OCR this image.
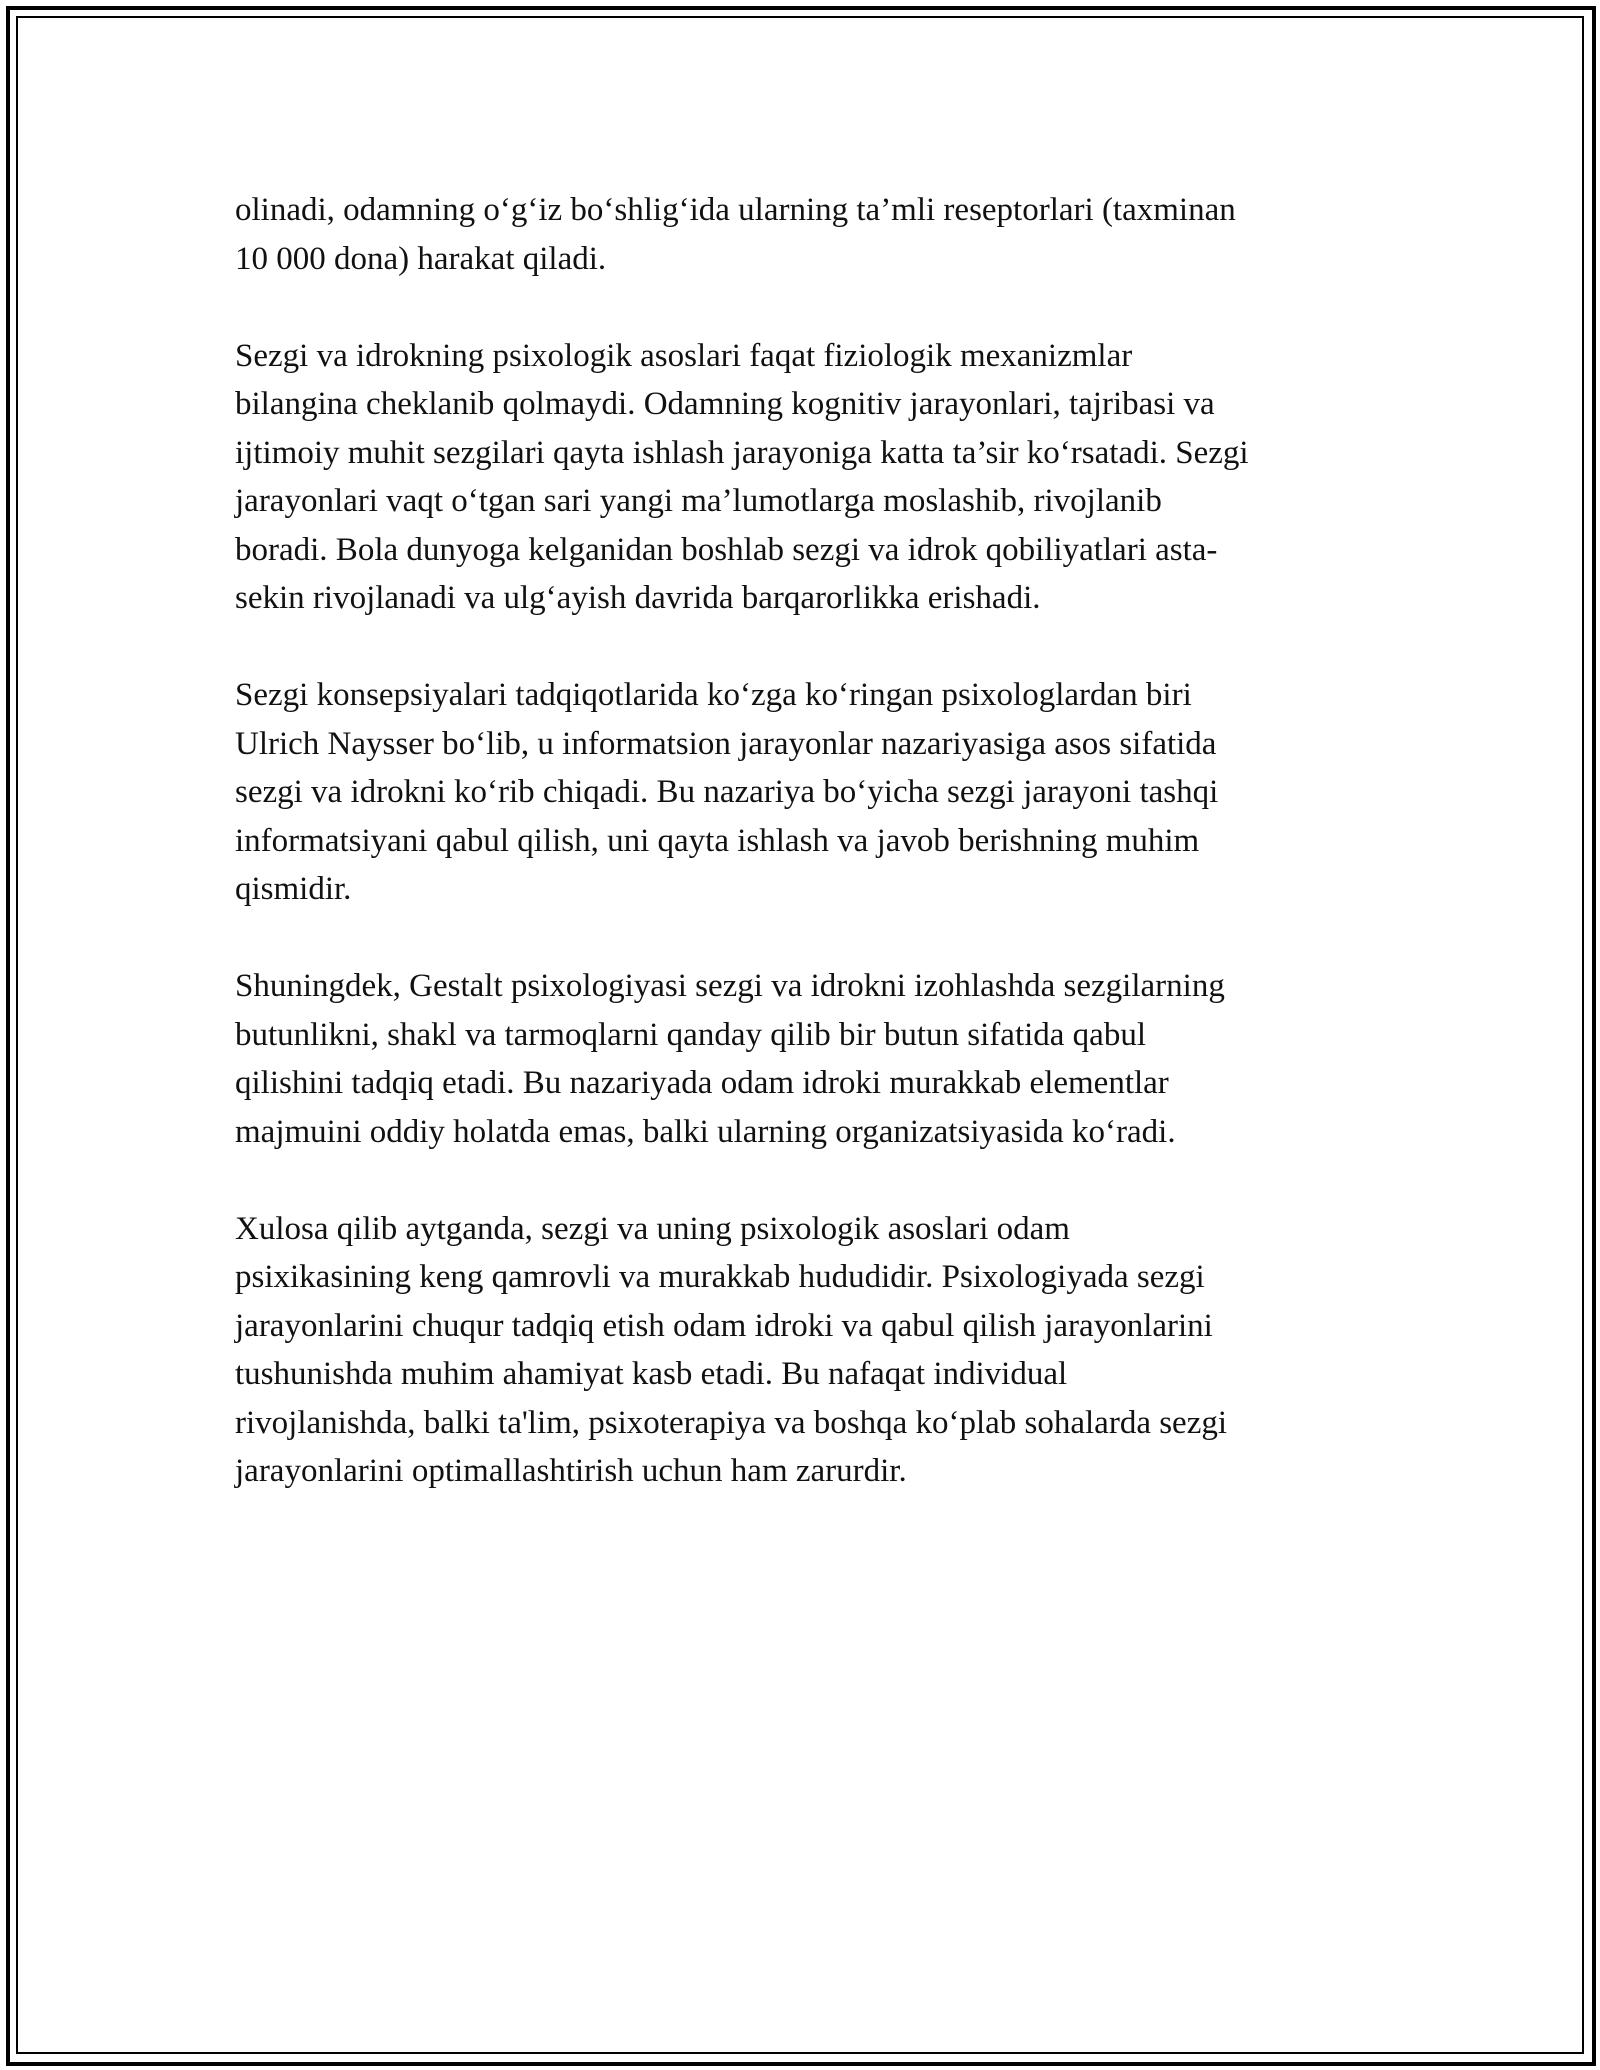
olinadi, odamning o‘g‘iz bo‘shlig‘ida ularning ta’mli reseptorlari (taxminan
10 000 dona) harakat qiladi.

Sezgi va idrokning psixologik asoslari faqat fiziologik mexanizmlar
bilangina cheklanib qolmaydi. Odamning kognitiv jarayonlari, tajribasi va
ijtimoiy muhit sezgilari qayta ishlash jarayoniga katta ta’sir ko‘rsatadi. Sezgi
jarayonlari vaqt o‘tgan sari yangi ma’lumotlarga moslashib, rivojlanib
boradi. Bola dunyoga kelganidan boshlab sezgi va idrok qobiliyatlari asta-
sekin rivojlanadi va ulg‘ayish davrida barqarorlikka erishadi.

Sezgi konsepsiyalari tadqiqotlarida ko‘zga ko‘ringan psixologlardan biri
Ulrich Naysser bo‘lib, u informatsion jarayonlar nazariyasiga asos sifatida
sezgi va idrokni ko‘rib chiqadi. Bu nazariya bo‘yicha sezgi jarayoni tashqi
informatsiyani qabul qilish, uni qayta ishlash va javob berishning muhim
qismidir.

Shuningdek, Gestalt psixologiyasi sezgi va idrokni izohlashda sezgilarning
butunlikni, shakl va tarmoqlarni qanday qilib bir butun sifatida qabul
qilishini tadqiq etadi. Bu nazariyada odam idroki murakkab elementlar
majmuini oddiy holatda emas, balki ularning organizatsiyasida ko‘radi.

Xulosa qilib aytganda, sezgi va uning psixologik asoslari odam
psixikasining keng qamrovli va murakkab hududidir. Psixologiyada sezgi
jarayonlarini chuqur tadqiq etish odam idroki va qabul qilish jarayonlarini
tushunishda muhim ahamiyat kasb etadi. Bu nafaqat individual
rivojlanishda, balki ta'lim, psixoterapiya va boshqa ko‘plab sohalarda sezgi
jarayonlarini optimallashtirish uchun ham zarurdir.
